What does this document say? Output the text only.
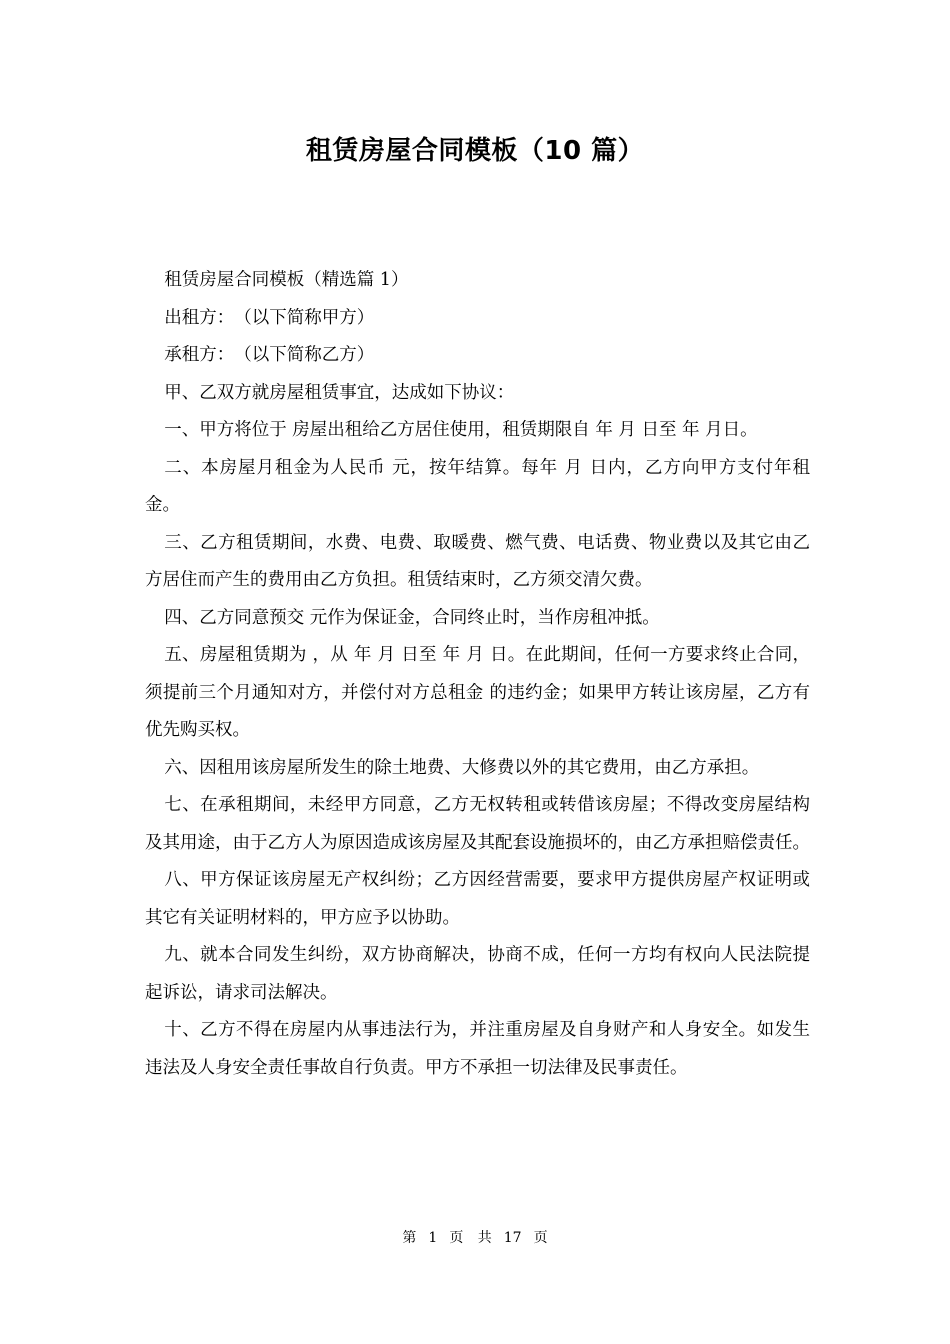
租赁房屋合同模板（10 篇）

租赁房屋合同模板（精选篇 1）

出租方：　（以下简称甲方）

承租方：　（以下简称乙方）

甲、乙双方就房屋租赁事宜，达成如下协议：

一、甲方将位于 房屋出租给乙方居住使用，租赁期限自 年 月 日至 年 月日。

二、本房屋月租金为人民币 元，按年结算。每年 月 日内，乙方向甲方支付年租金。

三、乙方租赁期间，水费、电费、取暖费、燃气费、电话费、物业费以及其它由乙方居住而产生的费用由乙方负担。租赁结束时，乙方须交清欠费。

四、乙方同意预交 元作为保证金，合同终止时，当作房租冲抵。

五、房屋租赁期为 ，从 年 月 日至 年 月 日。在此期间，任何一方要求终止合同，须提前三个月通知对方，并偿付对方总租金 的违约金；如果甲方转让该房屋，乙方有优先购买权。

六、因租用该房屋所发生的除土地费、大修费以外的其它费用，由乙方承担。

七、在承租期间，未经甲方同意，乙方无权转租或转借该房屋；不得改变房屋结构及其用途，由于乙方人为原因造成该房屋及其配套设施损坏的，由乙方承担赔偿责任。

八、甲方保证该房屋无产权纠纷；乙方因经营需要，要求甲方提供房屋产权证明或其它有关证明材料的，甲方应予以协助。

九、就本合同发生纠纷，双方协商解决，协商不成，任何一方均有权向人民法院提起诉讼，请求司法解决。

十、乙方不得在房屋内从事违法行为，并注重房屋及自身财产和人身安全。如发生违法及人身安全责任事故自行负责。甲方不承担一切法律及民事责任。

第 1 页 共 17 页
